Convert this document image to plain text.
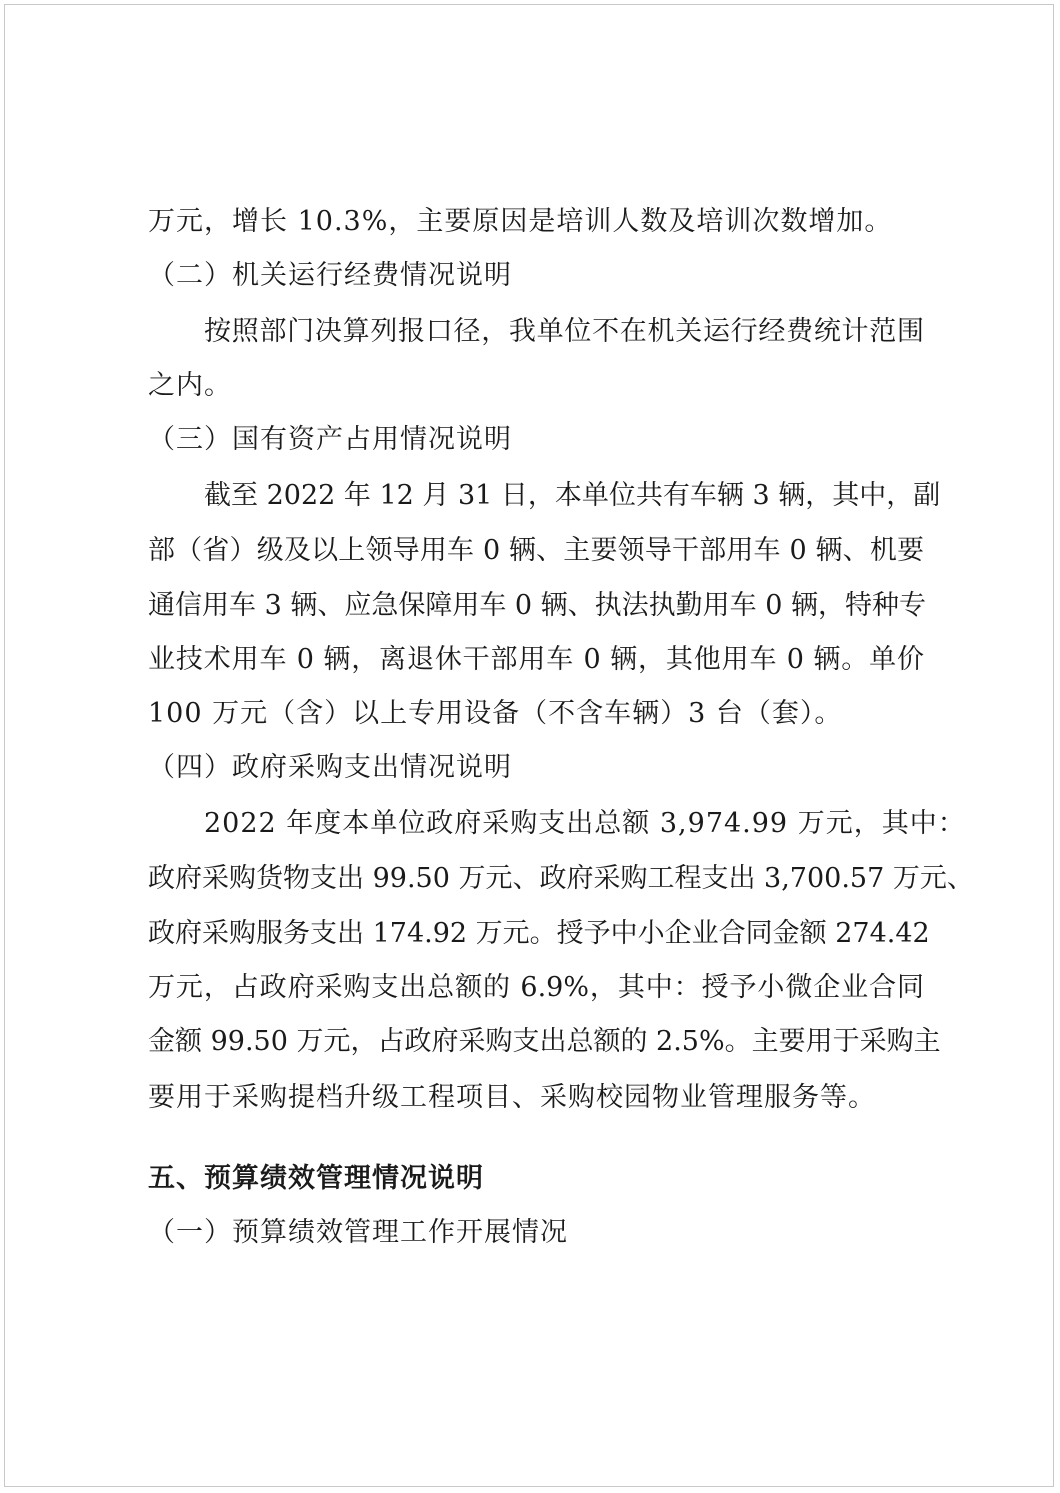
万元，增长 10.3%，主要原因是培训人数及培训次数增加。
（二）机关运行经费情况说明
按照部门决算列报口径，我单位不在机关运行经费统计范围
之内。
（三）国有资产占用情况说明
截至 2022 年 12 月 31 日，本单位共有车辆 3 辆，其中，副
部（省）级及以上领导用车 0 辆、主要领导干部用车 0 辆、机要
通信用车 3 辆、应急保障用车 0 辆、执法执勤用车 0 辆，特种专
业技术用车 0 辆，离退休干部用车 0 辆，其他用车 0 辆。单价
100 万元（含）以上专用设备（不含车辆）3 台（套）。
（四）政府采购支出情况说明
2022 年度本单位政府采购支出总额 3,974.99 万元，其中：
政府采购货物支出 99.50 万元、政府采购工程支出 3,700.57 万元、
政府采购服务支出 174.92 万元。授予中小企业合同金额 274.42
万元，占政府采购支出总额的 6.9%，其中：授予小微企业合同
金额 99.50 万元，占政府采购支出总额的 2.5%。主要用于采购主
要用于采购提档升级工程项目、采购校园物业管理服务等。
五、预算绩效管理情况说明
（一）预算绩效管理工作开展情况
